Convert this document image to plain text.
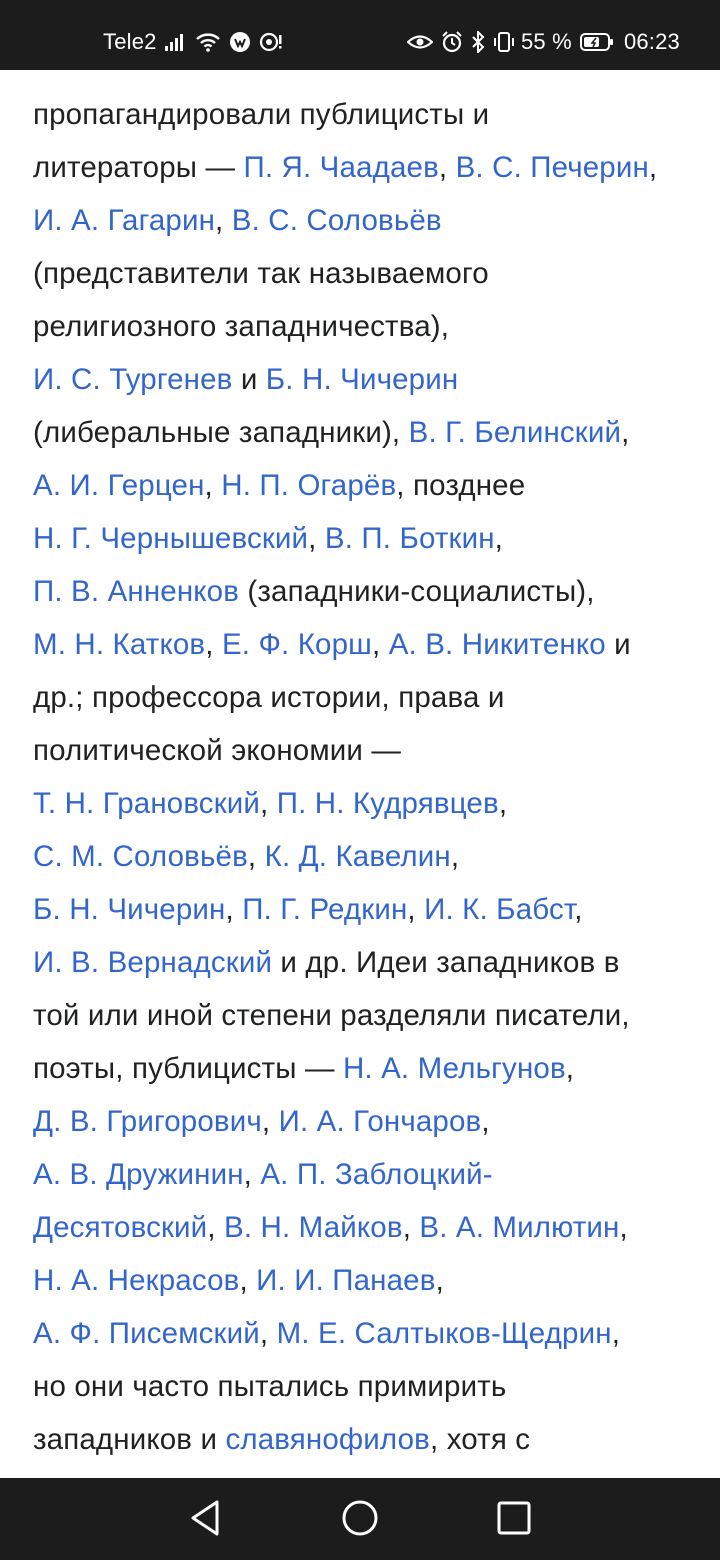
Tele2	55 % 06:23
пропагандировали публицисты и
литераторы — П. Я. Чаадаев, В. С. Печерин,
И. А. Гагарин, В. С. Соловьёв
(представители так называемого
религиозного западничества),
И. С. Тургенев и Б. Н. Чичерин
(либеральные западники), В. Г. Белинский,
А. И. Герцен, Н. П. Огарёв, позднее
Н. Г. Чернышевский, В. П. Боткин,
П. В. Анненков (западники-социалисты),
М. Н. Катков, Е. Ф. Корш, А. В. Никитенко и
др.; профессора истории, права и
политической экономии —
Т. Н. Грановский, П. Н. Кудрявцев,
С. М. Соловьёв, К. Д. Кавелин,
Б. Н. Чичерин, П. Г. Редкин, И. К. Бабст,
И. В. Вернадский и др. Идеи западников в
той или иной степени разделяли писатели,
поэты, публицисты — Н. А. Мельгунов,
Д. В. Григорович, И. А. Гончаров,
А. В. Дружинин, А. П. Заблоцкий-
Десятовский, В. Н. Майков, В. А. Милютин,
Н. А. Некрасов, И. И. Панаев,
А. Ф. Писемский, М. Е. Салтыков-Щедрин,
но они часто пытались примирить
западников и славянофилов, хотя с
